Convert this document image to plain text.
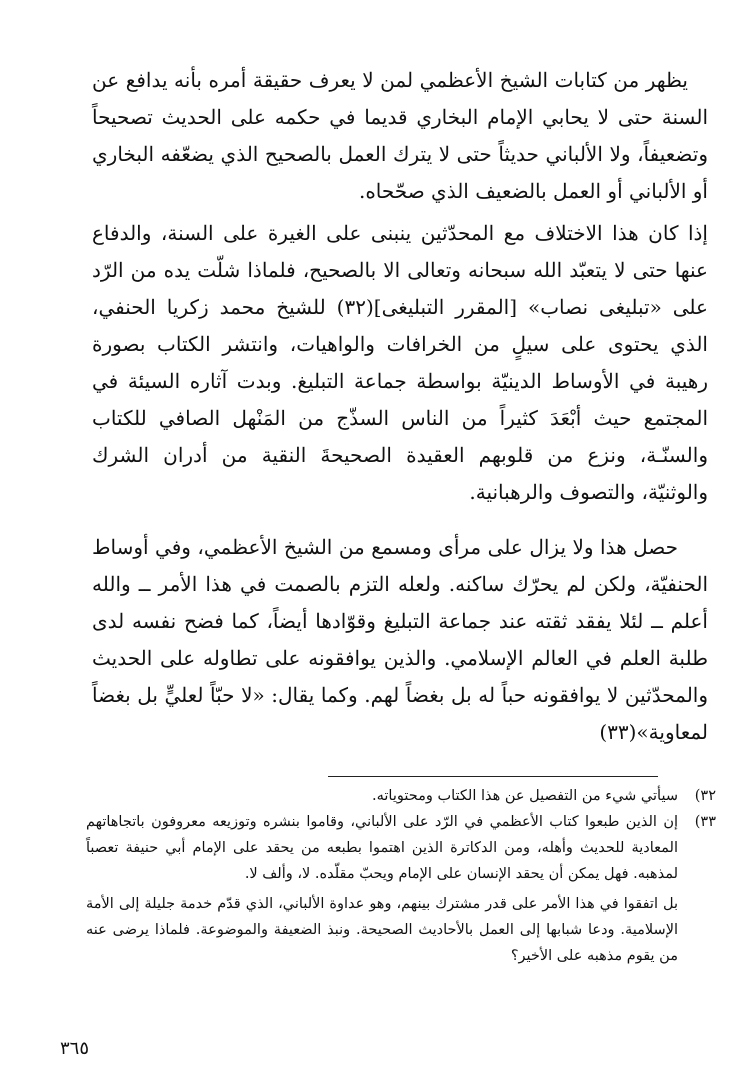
يظهر من كتابات الشيخ الأعظمي لمن لا يعرف حقيقة أمره بأنه يدافع عن السنة حتى لا يحابي الإمام البخاري قديما في حكمه على الحديث تصحيحاً وتضعيفاً، ولا الألباني حديثاً حتى لا يترك العمل بالصحيح الذي يضعّفه البخاري أو الألباني أو العمل بالضعيف الذي صحّحاه.

إذا كان هذا الاختلاف مع المحدّثين ينبنى على الغيرة على السنة، والدفاع عنها حتى لا يتعبّد الله سبحانه وتعالى الا بالصحيح، فلماذا شلّت يده من الرّد على «تبليغى نصاب» [المقرر التبليغى](٣٢) للشيخ محمد زكريا الحنفي، الذي يحتوى على سيلٍ من الخرافات والواهيات، وانتشر الكتاب بصورة رهيبة في الأوساط الدينيّة بواسطة جماعة التبليغ. وبدت آثاره السيئة في المجتمع حيث أبْعَدَ كثيراً من الناس السذّج من المَنْهل الصافي للكتاب والسنّـة، ونزع من قلوبهم العقيدة الصحيحةَ النقية من أدران الشرك والوثنيّة، والتصوف والرهبانية.

حصل هذا ولا يزال على مرأى ومسمع من الشيخ الأعظمي، وفي أوساط الحنفيّة، ولكن لم يحرّك ساكنه. ولعله التزم بالصمت في هذا الأمر ــ والله أعلم ــ لئلا يفقد ثقته عند جماعة التبليغ وقوّادها أيضاً، كما فضح نفسه لدى طلبة العلم في العالم الإسلامي. والذين يوافقونه على تطاوله على الحديث والمحدّثين لا يوافقونه حباً له بل بغضاً لهم. وكما يقال: «لا حبّاً لعليٍّ بل بغضاً لمعاوية»(٣٣)

٣٢)
سيأتي شيء من التفصيل عن هذا الكتاب ومحتوياته.
٣٣)
إن الذين طبعوا كتاب الأعظمي في الرّد على الألباني، وقاموا بنشره وتوزيعه معروفون باتجاهاتهم المعادية للحديث وأهله، ومن الدكاترة الذين اهتموا بطبعه من يحقد على الإمام أبي حنيفة تعصباً لمذهبه. فهل يمكن أن يحقد الإنسان على الإمام ويحبّ مقلّده. لا، وألف لا.

بل اتفقوا في هذا الأمر على قدر مشترك بينهم، وهو عداوة الألباني، الذي قدّم خدمة جليلة إلى الأمة الإسلامية. ودعا شبابها إلى العمل بالأحاديث الصحيحة. ونبذ الضعيفة والموضوعة. فلماذا يرضى عنه من يقوم مذهبه على الأخير؟

٣٦٥
